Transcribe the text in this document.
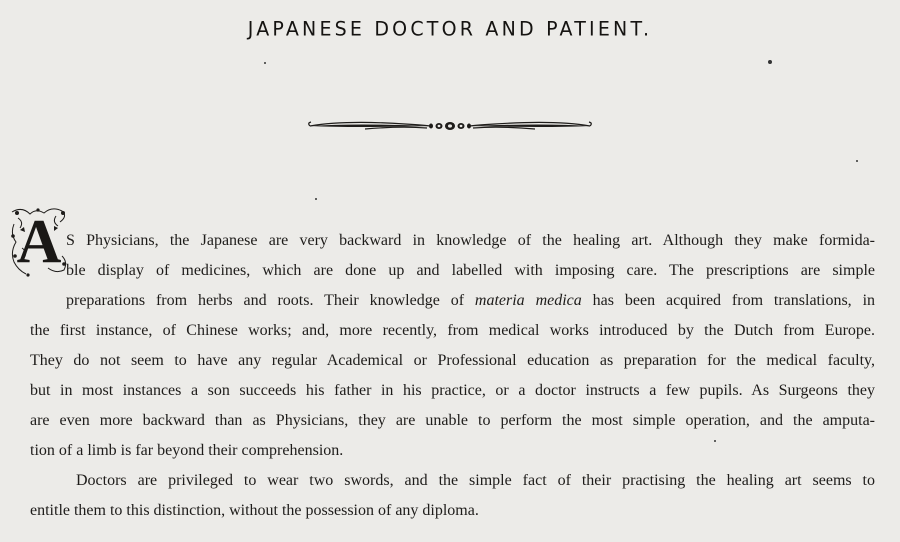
JAPANESE DOCTOR AND PATIENT.
A S Physicians, the Japanese are very backward in knowledge of the healing art. Although they make formida-
ble display of medicines, which are done up and labelled with imposing care. The prescriptions are simple
preparations from herbs and roots. Their knowledge of materia medica has been acquired from translations, in
the first instance, of Chinese works; and, more recently, from medical works introduced by the Dutch from Europe.
They do not seem to have any regular Academical or Professional education as preparation for the medical faculty,
but in most instances a son succeeds his father in his practice, or a doctor instructs a few pupils. As Surgeons they
are even more backward than as Physicians, they are unable to perform the most simple operation, and the amputa-
tion of a limb is far beyond their comprehension.
Doctors are privileged to wear two swords, and the simple fact of their practising the healing art seems to
entitle them to this distinction, without the possession of any diploma.
